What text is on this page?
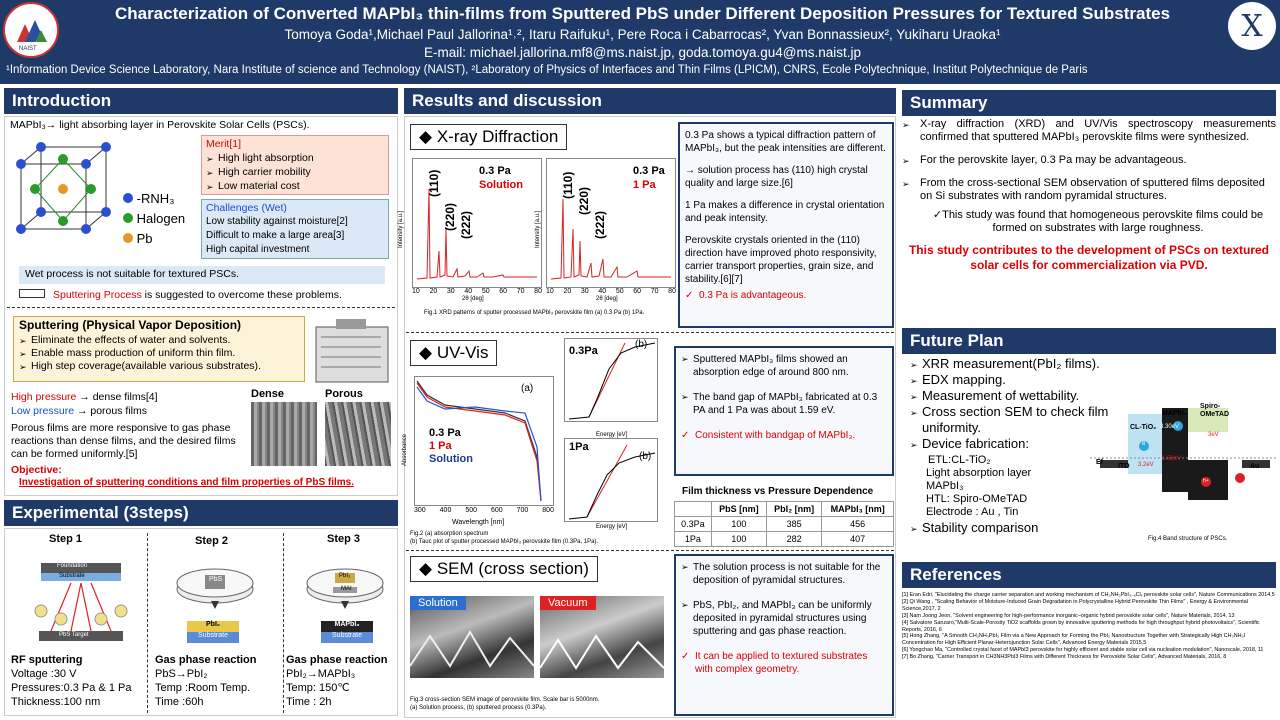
NAIST
Characterization of Converted MAPbI₃ thin-films from Sputtered PbS under Different Deposition Pressures for Textured Substrates
Tomoya Goda¹,Michael Paul Jallorina¹˒², Itaru Raifuku¹, Pere Roca i Cabarrocas², Yvan Bonnassieux², Yukiharu Uraoka¹
E-mail: michael.jallorina.mf8@ms.naist.jp, goda.tomoya.gu4@ms.naist.jp
¹Information Device Science Laboratory, Nara Institute of science and Technology (NAIST), ²Laboratory of Physics of Interfaces and Thin Films (LPICM), CNRS, École Polytechnique, Institut Polytechnique de Paris
X
Introduction
MAPbI₃→ light absorbing layer in Perovskite Solar Cells (PSCs).
-RNH₃
Halogen
Pb
Merit[1]
➢ High light absorption
➢ High carrier mobility
➢ Low material cost
Challenges (Wet)
Low stability against moisture[2]
Difficult to make a large area[3]
High capital investment
Wet process is not suitable for textured PSCs.
Sputtering Process is suggested to overcome these problems.
Sputtering (Physical Vapor Deposition)
➢ Eliminate the effects of water and solvents.
➢ Enable mass production of uniform thin film.
➢ High step coverage(available various substrates).
High pressure → dense films[4]
Low pressure → porous films
Porous films are more responsive to gas phase reactions than dense films, and the desired films can be formed uniformly.[5]
Dense	Porous
Objective:
Investigation of sputtering conditions and film properties of PbS films.
Experimental (3steps)
Step 1	Step 2	Step 3
Foundation
Substrate
PbS Target
PbS
PbI₂
Substrate
PbI₂
MAI
MAPbI₃
Substrate
RF sputtering
Voltage :30 V
Pressures:0.3 Pa & 1 Pa
Thickness:100 nm
Gas phase reaction
PbS→PbI₂
Temp :Room Temp.
Time :60h
Gas phase reaction
PbI₂→MAPbI₃
Temp: 150℃
Time : 2h
Results and discussion
◆ X-ray Diffraction
(110)
(220) (222)
0.3 Pa
Solution
Intensity [a.u.]
10 20 30 40 50 60 70 80
2θ [deg]
(110)
(220)
(222)
0.3 Pa
1 Pa
Intensity [a.u.]
10 20 30 40 50 60 70 80
2θ [deg]
Fig.1 XRD patterns of sputter processed MAPbI₃ perovskite film (a) 0.3 Pa (b) 1Pa.
0.3 Pa shows a typical diffraction pattern of MAPbI₃, but the peak intensities are different.
→ solution process has (110) high crystal quality and large size.[6]
1 Pa makes a difference in crystal orientation and peak intensity.
Perovskite crystals oriented in the (110) direction have improved photo responsivity, carrier transport properties, grain size, and stability.[6][7]
✓ 0.3 Pa is advantageous.
◆ UV-Vis
(a)
0.3 Pa
1 Pa
Solution
Absorbance
300 400 500 600 700 800
Wavelength [nm]
0.3Pa
(b)
Energy [eV]
1Pa
(b)
Energy [eV]
Fig.2 (a) absorption spectrum
(b) Tauc plot of sputter processed MAPbI₃ perovskite film (0.3Pa, 1Pa).
➢ Sputtered MAPbI₃ films showed an absorption edge of around 800 nm.
➢ The band gap of MAPbI₃ fabricated at 0.3 PA and 1 Pa was about 1.59 eV.
✓ Consistent with bandgap of MAPbI₃.
Film thickness vs Pressure Dependence
	PbS [nm]	PbI₂ [nm]	MAPbI₃ [nm]
0.3Pa	100	385	456
1Pa	100	282	407
◆ SEM (cross section)
Solution	Vacuum
Fig.3 cross-section SEM image of perovskite film. Scale bar is 5000nm.
(a) Solution process, (b) sputtered process (0.3Pa).
➢ The solution process is not suitable for the deposition of pyramidal structures.
➢ PbS, PbI₂, and MAPbI₃ can be uniformly deposited in pyramidal structures using sputtering and gas phase reaction.
✓ It can be applied to textured substrates with complex geometry.
Summary
➢ X-ray diffraction (XRD) and UV/Vis spectroscopy measurements confirmed that sputtered MAPbI₃ perovskite films were synthesized.
➢ For the perovskite layer, 0.3 Pa may be advantageous.
➢ From the cross-sectional SEM observation of sputtered films deposited on Si substrates with random pyramidal structures.
✓This study was found that homogeneous perovskite films could be formed on substrates with large roughness.
This study contributes to the development of PSCs on textured solar cells for commercialization via PVD.
Future Plan
➢ XRR measurement(PbI₂ films).
➢ EDX mapping.
➢ Measurement of wettability.
➢ Cross section SEM to check film uniformity.
➢ Device fabrication:
ETL:CL-TiO₂
Light absorption layer
MAPbI₃
HTL: Spiro-OMeTAD
Electrode : Au , Tin
➢ Stability comparison
CL-TiO₂
MAPbI₃
Spiro-OMeTAD
ITO	Au
3.30eV
1.59eV
3.2eV
3eV
Ef
e
h+
Fig.4 Band structure of PSCs.
References
[1] Eran Edri, "Elucidating the charge carrier separation and working mechanism of CH₃NH₃PbI₃₋ₓClₓ perovskite solar cells", Nature Communications 2014,5
[2] Qi Wang , "Scaling Behavior of Moisture-Induced Grain Degradation in Polycrystalline Hybrid Perovskite Thin Films" , Energy & Environmental Science,2017, 2
[3] Nam Joong Jeon, "Solvent engineering for high-performance inorganic–organic hybrid perovskite solar cells", Nature Materials, 2014, 13
[4] Salvatore Sanzaro,"Multi-Scale-Porosity TiO2 scaffolds grown by innovative sputtering methods for high throughput hybrid photovoltaics", Scientific Reports, 2016, 6
[5] Hong Zhang, "A Smooth CH₃NH₃PbI₃ Film via a New Approach for Forming the PbI₂ Nanostructure Together with Strategically High CH₃NH₃I Concentration for High Efficient Planar-Heterojunction Solar Cells", Advanced Energy Materials 2015,5
[6] Yongchao Ma, "Controlled crystal facet of MAPbI3 perovskite for highly efficient and stable solar cell via nucleation modulation", Nanoscale, 2018, 11
[7] Bo Zhang, "Carrier Transport in CH3NH3PbI3 Films with Different Thickness for Perovskite Solar Cells", Advanced Materials, 2016, 8
